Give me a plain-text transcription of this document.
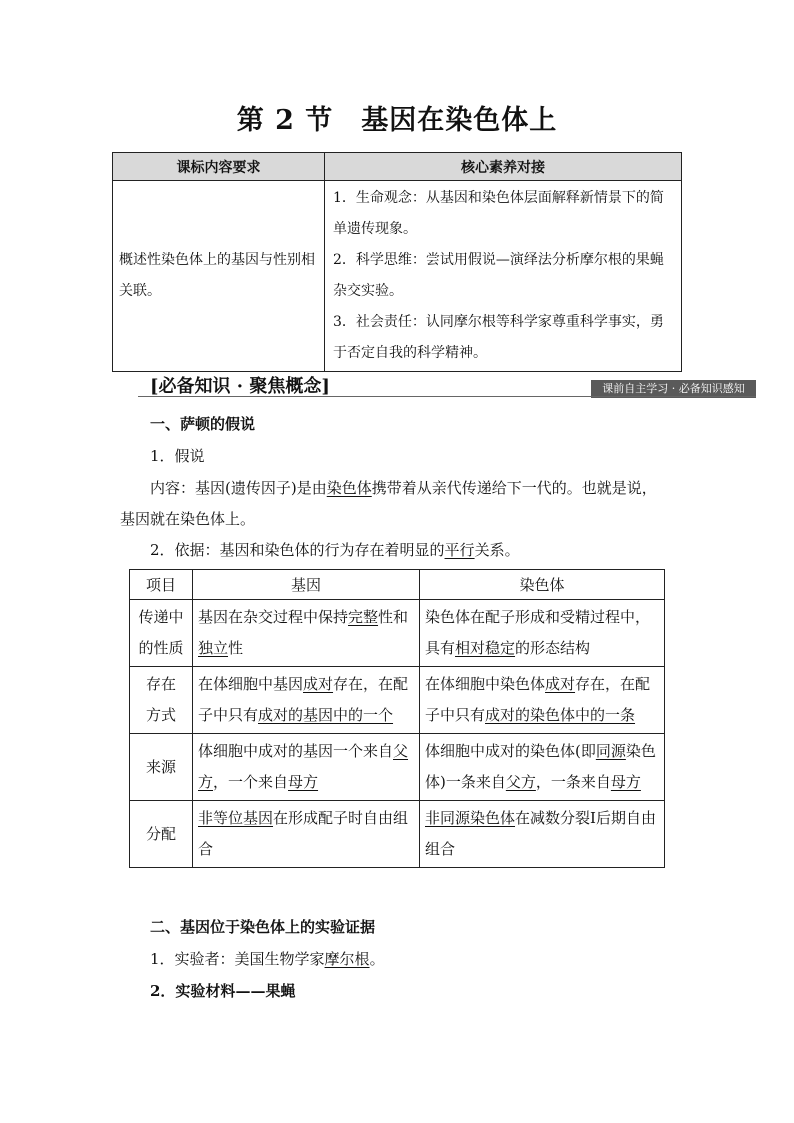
第 2 节　基因在染色体上
课标内容要求	核心素养对接
概述性染色体上的基因与性别相关联。	1．生命观念：从基因和染色体层面解释新情景下的简单遗传现象。
2．科学思维：尝试用假说—演绎法分析摩尔根的果蝇杂交实验。
3．社会责任：认同摩尔根等科学家尊重科学事实，勇于否定自我的科学精神。
[必备知识 · 聚焦概念]	课前自主学习 · 必备知识感知
一、萨顿的假说
1．假说
内容：基因(遗传因子)是由染色体携带着从亲代传递给下一代的。也就是说，
基因就在染色体上。
2．依据：基因和染色体的行为存在着明显的平行关系。
项目	基因	染色体

传递中
的性质	基因在杂交过程中保持完整性和独立性	染色体在配子形成和受精过程中，具有相对稳定的形态结构

存在
方式	在体细胞中基因成对存在，在配子中只有成对的基因中的一个	在体细胞中染色体成对存在，在配子中只有成对的染色体中的一条

来源	体细胞中成对的基因一个来自父方，一个来自母方	体细胞中成对的染色体(即同源染色体)一条来自父方，一条来自母方

分配	非等位基因在形成配子时自由组合	非同源染色体在减数分裂Ⅰ后期自由组合
二、基因位于染色体上的实验证据
1．实验者：美国生物学家摩尔根。
2．实验材料——果蝇
